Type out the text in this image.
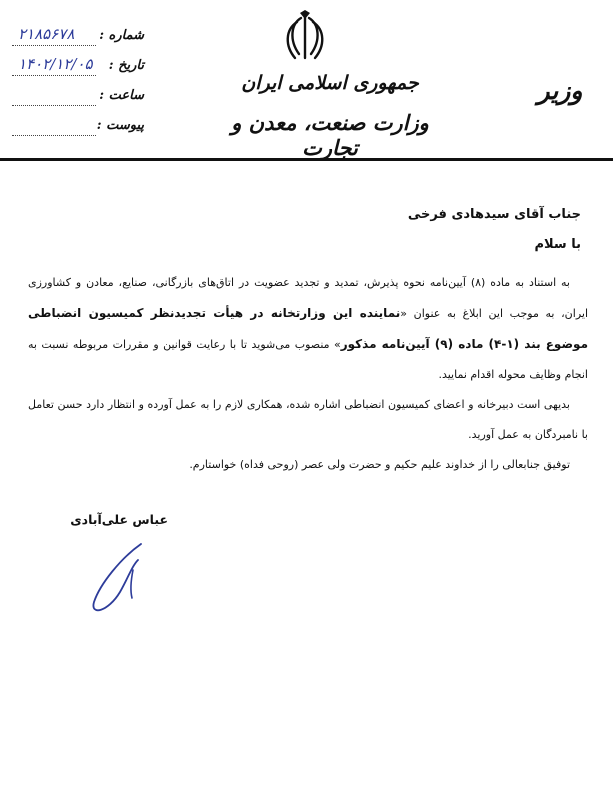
شماره :
۲۱۸۵۶۷۸
تاریخ :
۱۴۰۲/۱۲/۰۵
ساعت :
پیوست :
جمهوری اسلامی ایران
وزارت صنعت، معدن و تجارت
وزیر
جناب آقای سیدهادی فرخی
با سلام

به استناد به ماده (۸) آیین‌نامه نحوه پذیرش، تمدید و تجدید عضویت در اتاق‌های بازرگانی، صنایع، معادن و کشاورزی ایران، به موجب این ابلاغ به عنوان «نماینده این وزارتخانه در هیأت تجدیدنظر کمیسیون انضباطی موضوع بند (۱-۴) ماده (۹) آیین‌نامه مذکور» منصوب می‌شوید تا با رعایت قوانین و مقررات مربوطه نسبت به انجام وظایف محوله اقدام نمایید.

بدیهی است دبیرخانه و اعضای کمیسیون انضباطی اشاره شده، همکاری لازم را به عمل آورده و انتظار دارد حسن تعامل با نامبردگان به عمل آورید.

توفیق جنابعالی را از خداوند علیم حکیم و حضرت ولی عصر (روحی فداه) خواستارم.

عباس علی‌آبادی
